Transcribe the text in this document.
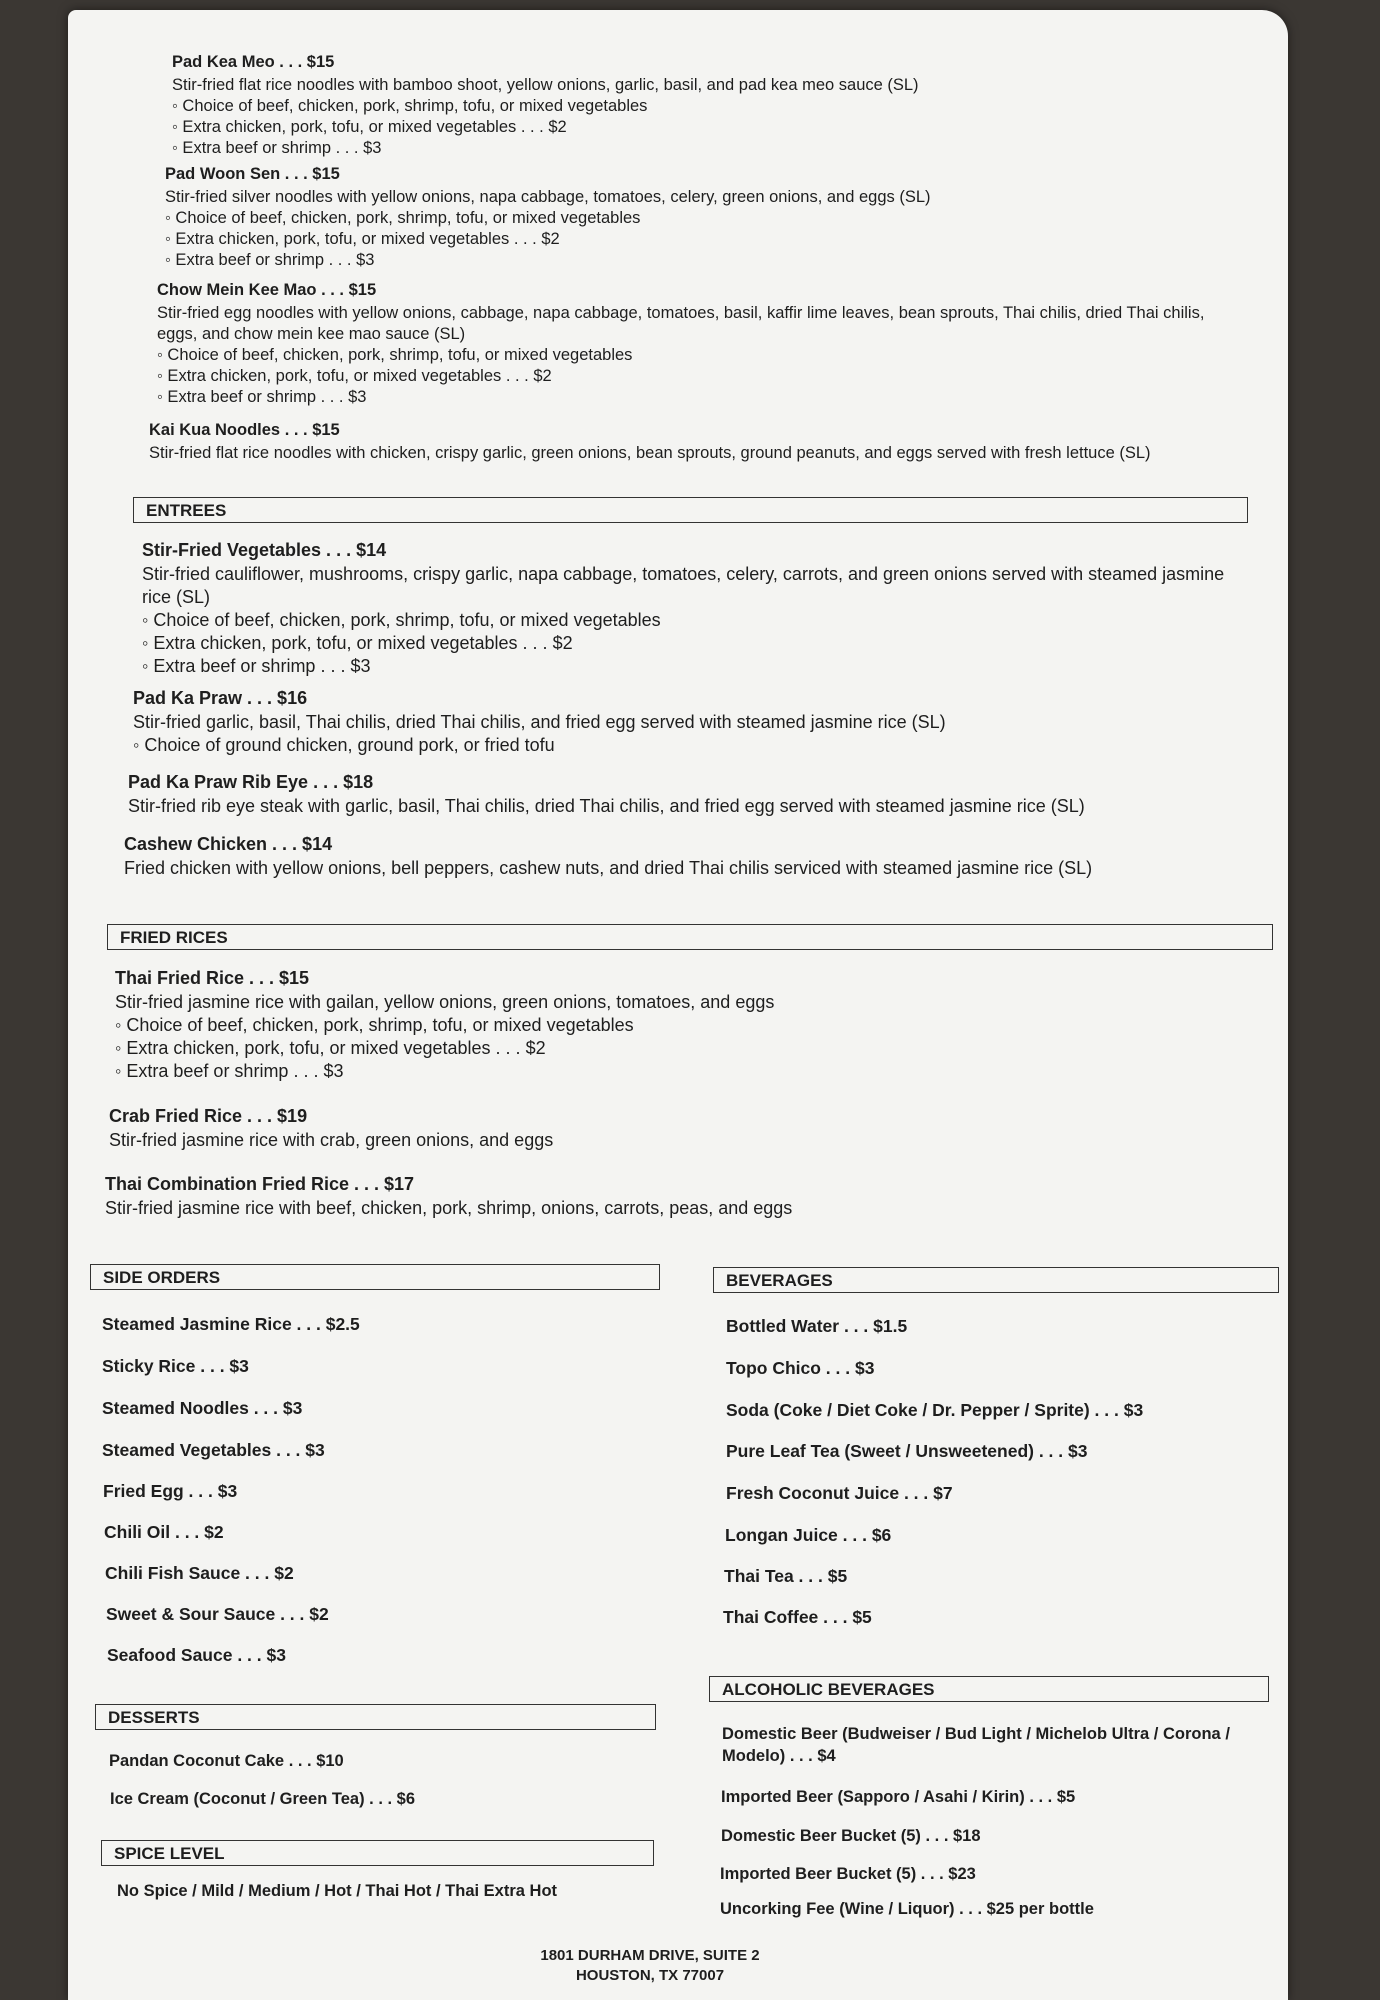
Pad Kea Meo . . . $15
Stir-fried flat rice noodles with bamboo shoot, yellow onions, garlic, basil, and pad kea meo sauce (SL)
◦ Choice of beef, chicken, pork, shrimp, tofu, or mixed vegetables
◦ Extra chicken, pork, tofu, or mixed vegetables . . . $2
◦ Extra beef or shrimp . . . $3
Pad Woon Sen . . . $15
Stir-fried silver noodles with yellow onions, napa cabbage, tomatoes, celery, green onions, and eggs (SL)
◦ Choice of beef, chicken, pork, shrimp, tofu, or mixed vegetables
◦ Extra chicken, pork, tofu, or mixed vegetables . . . $2
◦ Extra beef or shrimp . . . $3
Chow Mein Kee Mao . . . $15
Stir-fried egg noodles with yellow onions, cabbage, napa cabbage, tomatoes, basil, kaffir lime leaves, bean sprouts, Thai chilis, dried Thai chilis, eggs, and chow mein kee mao sauce (SL)
◦ Choice of beef, chicken, pork, shrimp, tofu, or mixed vegetables
◦ Extra chicken, pork, tofu, or mixed vegetables . . . $2
◦ Extra beef or shrimp . . . $3
Kai Kua Noodles . . . $15
Stir-fried flat rice noodles with chicken, crispy garlic, green onions, bean sprouts, ground peanuts, and eggs served with fresh lettuce (SL)
ENTREES
Stir-Fried Vegetables . . . $14
Stir-fried cauliflower, mushrooms, crispy garlic, napa cabbage, tomatoes, celery, carrots, and green onions served with steamed jasmine rice (SL)
◦ Choice of beef, chicken, pork, shrimp, tofu, or mixed vegetables
◦ Extra chicken, pork, tofu, or mixed vegetables . . . $2
◦ Extra beef or shrimp . . . $3
Pad Ka Praw . . . $16
Stir-fried garlic, basil, Thai chilis, dried Thai chilis, and fried egg served with steamed jasmine rice (SL)
◦ Choice of ground chicken, ground pork, or fried tofu
Pad Ka Praw Rib Eye . . . $18
Stir-fried rib eye steak with garlic, basil, Thai chilis, dried Thai chilis, and fried egg served with steamed jasmine rice (SL)
Cashew Chicken . . . $14
Fried chicken with yellow onions, bell peppers, cashew nuts, and dried Thai chilis serviced with steamed jasmine rice (SL)
FRIED RICES
Thai Fried Rice . . . $15
Stir-fried jasmine rice with gailan, yellow onions, green onions, tomatoes, and eggs
◦ Choice of beef, chicken, pork, shrimp, tofu, or mixed vegetables
◦ Extra chicken, pork, tofu, or mixed vegetables . . . $2
◦ Extra beef or shrimp . . . $3
Crab Fried Rice . . . $19
Stir-fried jasmine rice with crab, green onions, and eggs
Thai Combination Fried Rice . . . $17
Stir-fried jasmine rice with beef, chicken, pork, shrimp, onions, carrots, peas, and eggs
SIDE ORDERS
Steamed Jasmine Rice . . . $2.5
Sticky Rice . . . $3
Steamed Noodles . . . $3
Steamed Vegetables . . . $3
Fried Egg . . . $3
Chili Oil . . . $2
Chili Fish Sauce . . . $2
Sweet & Sour Sauce . . . $2
Seafood Sauce . . . $3
BEVERAGES
Bottled Water . . . $1.5
Topo Chico . . . $3
Soda (Coke / Diet Coke / Dr. Pepper / Sprite) . . . $3
Pure Leaf Tea (Sweet / Unsweetened) . . . $3
Fresh Coconut Juice . . . $7
Longan Juice . . . $6
Thai Tea . . . $5
Thai Coffee . . . $5
DESSERTS
Pandan Coconut Cake . . . $10
Ice Cream (Coconut / Green Tea) . . . $6
SPICE LEVEL
No Spice / Mild / Medium / Hot / Thai Hot / Thai Extra Hot
ALCOHOLIC BEVERAGES
Domestic Beer (Budweiser / Bud Light / Michelob Ultra / Corona / Modelo) . . . $4
Imported Beer (Sapporo / Asahi / Kirin) . . . $5
Domestic Beer Bucket (5) . . . $18
Imported Beer Bucket (5) . . . $23
Uncorking Fee (Wine / Liquor) . . . $25 per bottle
1801 DURHAM DRIVE, SUITE 2
HOUSTON, TX 77007
